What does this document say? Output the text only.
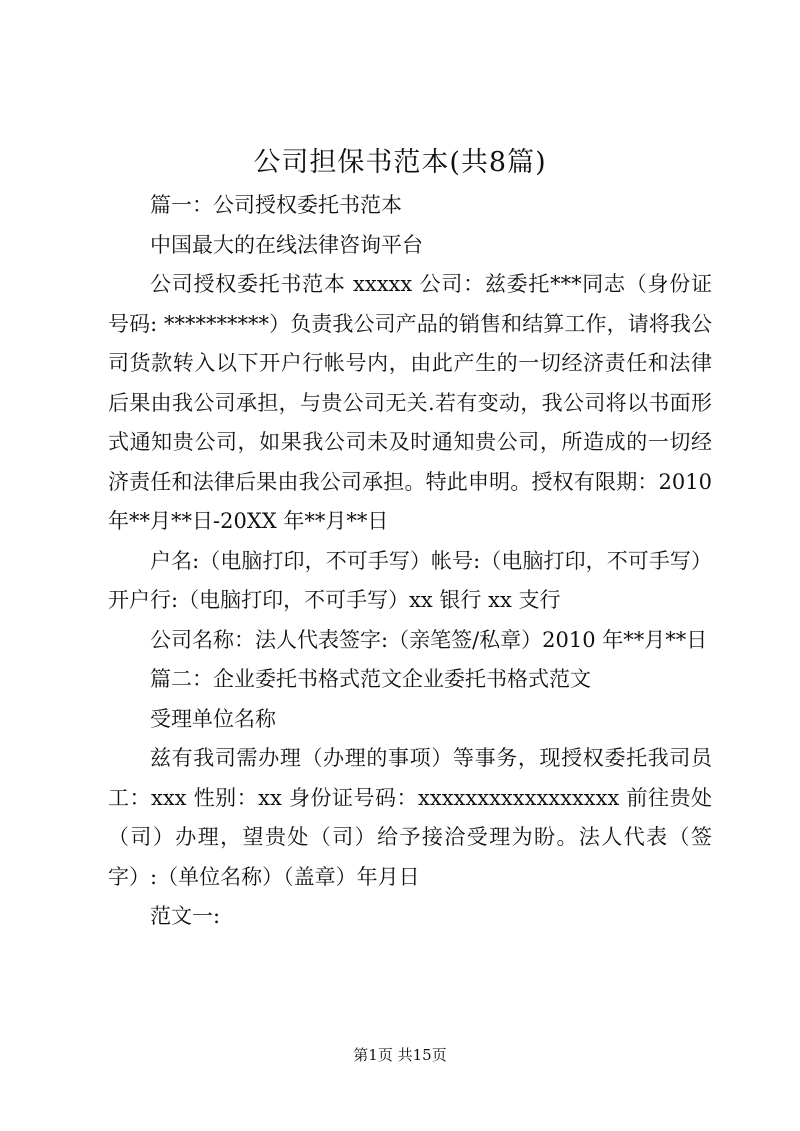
公司担保书范本(共8篇)

篇一：公司授权委托书范本

中国最大的在线法律咨询平台

公司授权委托书范本 xxxxx 公司：兹委托***同志（身份证号码: **********）负责我公司产品的销售和结算工作，请将我公司货款转入以下开户行帐号内，由此产生的一切经济责任和法律后果由我公司承担，与贵公司无关.若有变动，我公司将以书面形式通知贵公司，如果我公司未及时通知贵公司，所造成的一切经济责任和法律后果由我公司承担。特此申明。授权有限期：2010 年**月**日-20XX 年**月**日

户名:（电脑打印，不可手写）帐号:（电脑打印，不可手写）开户行:（电脑打印，不可手写）xx 银行 xx 支行

公司名称：法人代表签字:（亲笔签/私章）2010 年**月**日

篇二：企业委托书格式范文企业委托书格式范文

受理单位名称

兹有我司需办理（办理的事项）等事务，现授权委托我司员工：xxx 性别：xx 身份证号码：xxxxxxxxxxxxxxxxx 前往贵处（司）办理，望贵处（司）给予接洽受理为盼。法人代表（签字）:（单位名称）（盖章）年月日

范文一:

第1页 共15页
